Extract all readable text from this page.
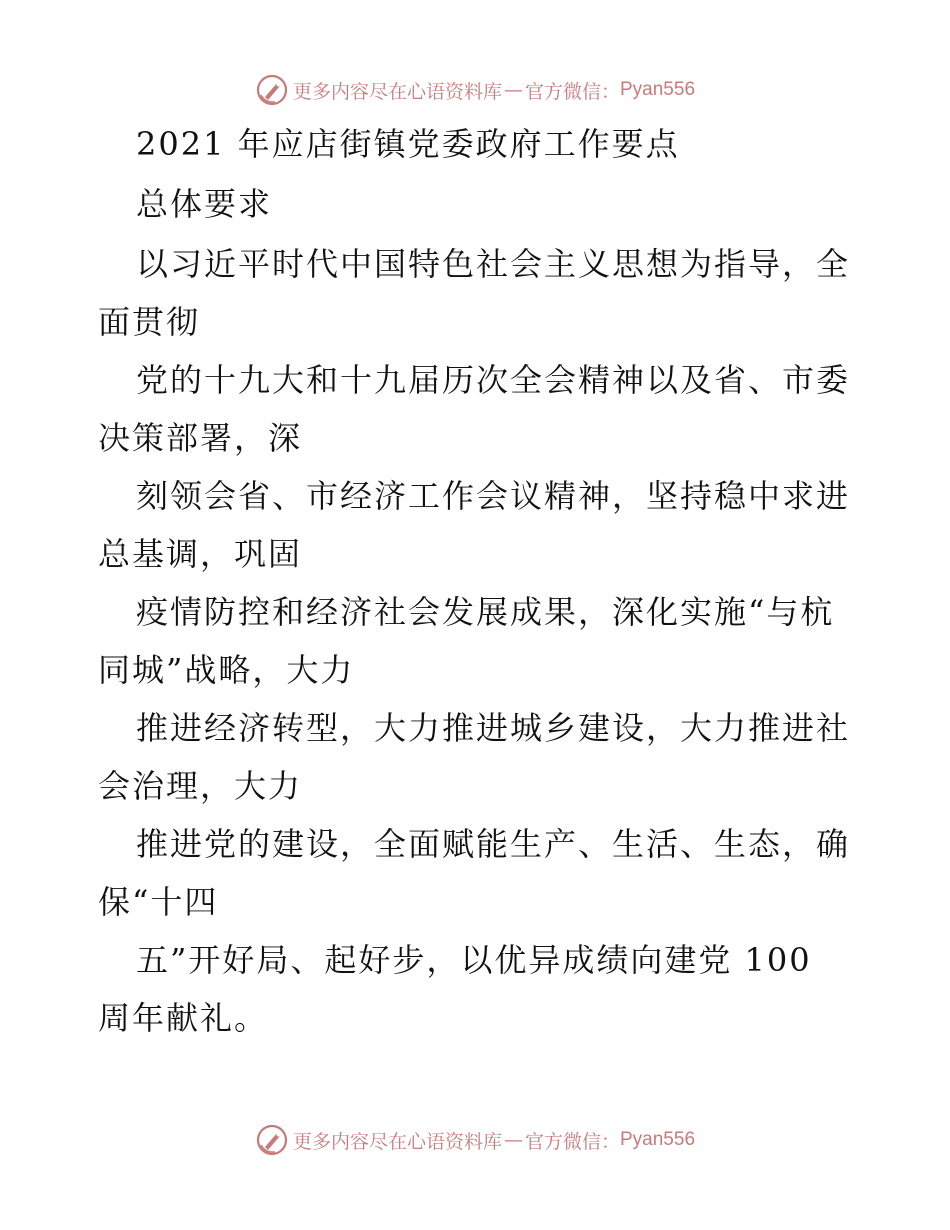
更多内容尽在心语资料库 — 官方微信： Pyan556
2021 年应店街镇党委政府工作要点
总体要求
以习近平时代中国特色社会主义思想为指导，全
面贯彻
党的十九大和十九届历次全会精神以及省、市委
决策部署，深
刻领会省、市经济工作会议精神，坚持稳中求进
总基调，巩固
疫情防控和经济社会发展成果，深化实施“与杭
同城”战略，大力
推进经济转型，大力推进城乡建设，大力推进社
会治理，大力
推进党的建设，全面赋能生产、生活、生态，确
保“十四
五”开好局、起好步，以优异成绩向建党 100
周年献礼。
更多内容尽在心语资料库 — 官方微信： Pyan556
